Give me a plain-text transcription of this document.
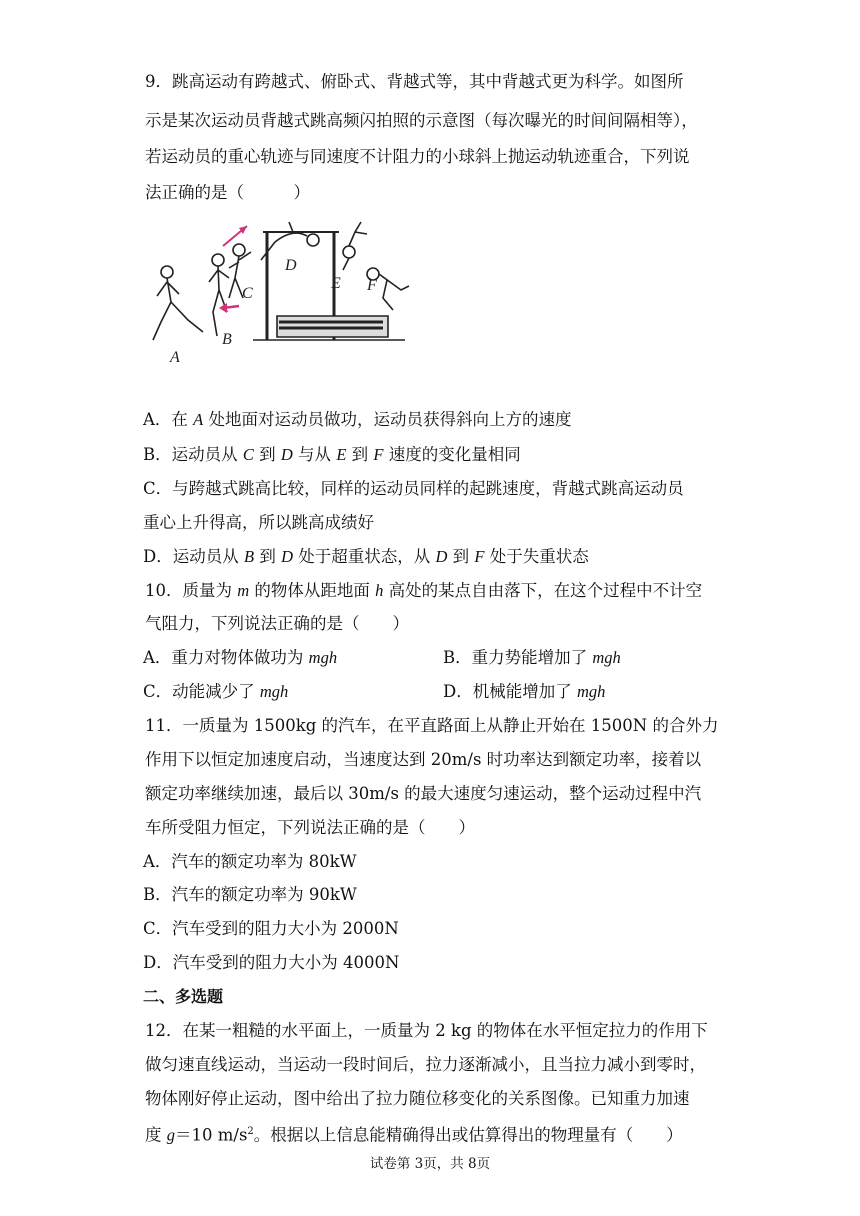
9．跳高运动有跨越式、俯卧式、背越式等，其中背越式更为科学。如图所
示是某次运动员背越式跳高频闪拍照的示意图（每次曝光的时间间隔相等），
若运动员的重心轨迹与同速度不计阻力的小球斜上抛运动轨迹重合，下列说
法正确的是（　　　）
A
B
C
D
E F
A．在 A 处地面对运动员做功，运动员获得斜向上方的速度
B．运动员从 C 到 D 与从 E 到 F 速度的变化量相同
C．与跨越式跳高比较，同样的运动员同样的起跳速度，背越式跳高运动员
重心上升得高，所以跳高成绩好
D．运动员从 B 到 D 处于超重状态，从 D 到 F 处于失重状态
10．质量为 m 的物体从距地面 h 高处的某点自由落下，在这个过程中不计空
气阻力，下列说法正确的是（　　）
A．重力对物体做功为 mgh	B．重力势能增加了 mgh
C．动能减少了 mgh	D．机械能增加了 mgh
11．一质量为 1500kg 的汽车，在平直路面上从静止开始在 1500N 的合外力
作用下以恒定加速度启动，当速度达到 20m/s 时功率达到额定功率，接着以
额定功率继续加速，最后以 30m/s 的最大速度匀速运动，整个运动过程中汽
车所受阻力恒定，下列说法正确的是（　　）
A．汽车的额定功率为 80kW
B．汽车的额定功率为 90kW
C．汽车受到的阻力大小为 2000N
D．汽车受到的阻力大小为 4000N
二、多选题
12．在某一粗糙的水平面上，一质量为 2 kg 的物体在水平恒定拉力的作用下
做匀速直线运动，当运动一段时间后，拉力逐渐减小，且当拉力减小到零时，
物体刚好停止运动，图中给出了拉力随位移变化的关系图像。已知重力加速
度 g＝10 $m/s^2$。根据以上信息能精确得出或估算得出的物理量有（　　）
试卷第 3页，共 8页
